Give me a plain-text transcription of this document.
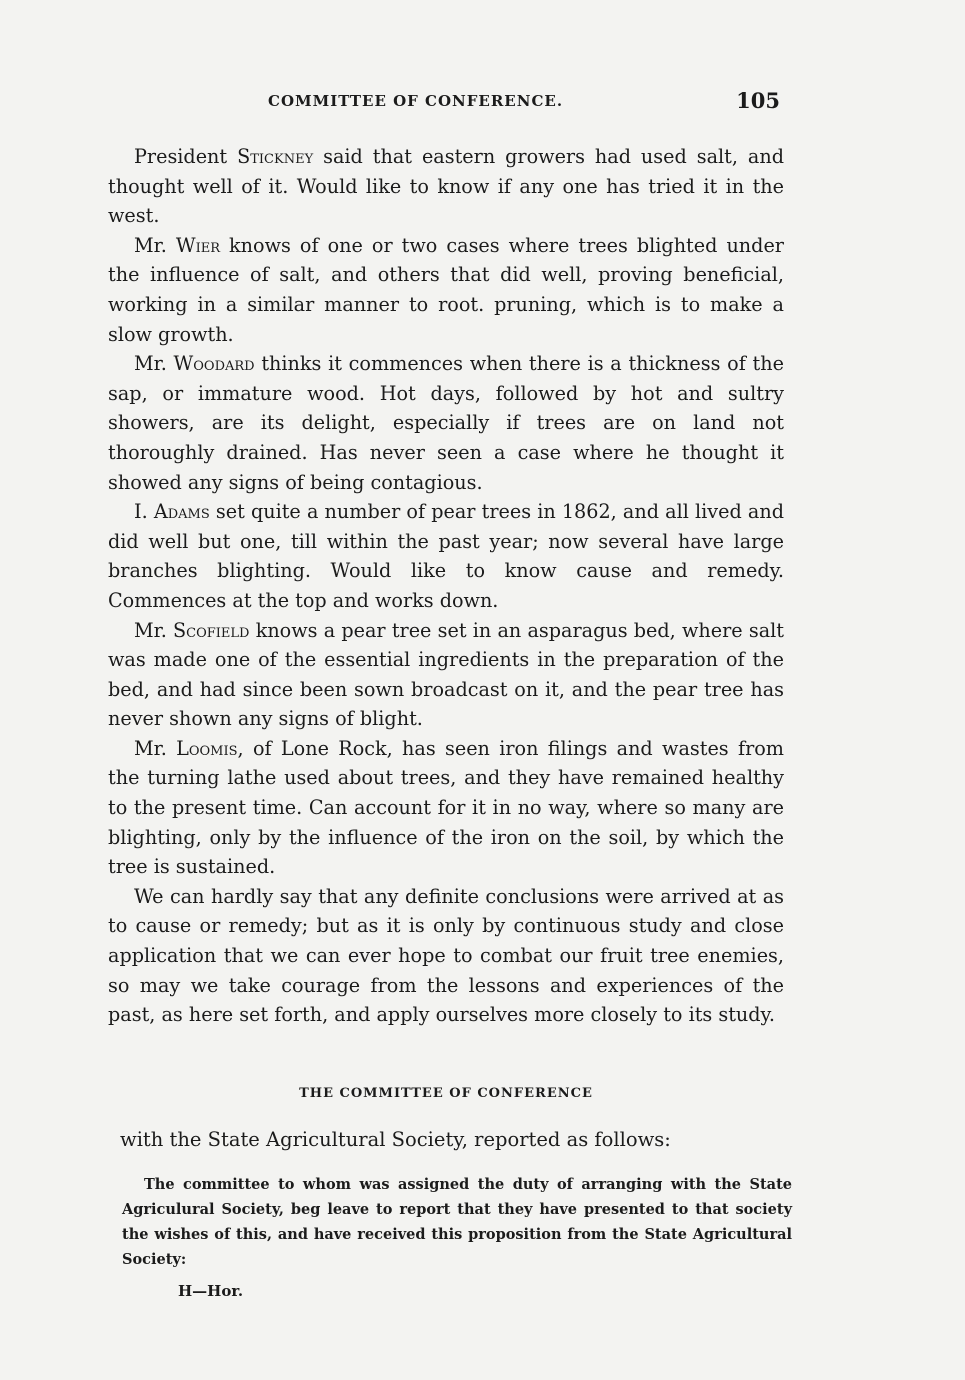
COMMITTEE OF CONFERENCE.	105

President Stickney said that eastern growers had used salt, and thought well of it. Would like to know if any one has tried it in the west.

Mr. Wier knows of one or two cases where trees blighted under the influence of salt, and others that did well, proving beneficial, working in a similar manner to root. pruning, which is to make a slow growth.

Mr. Woodard thinks it commences when there is a thickness of the sap, or immature wood. Hot days, followed by hot and sultry showers, are its delight, especially if trees are on land not thoroughly drained. Has never seen a case where he thought it showed any signs of being contagious.

I. Adams set quite a number of pear trees in 1862, and all lived and did well but one, till within the past year; now several have large branches blighting. Would like to know cause and remedy. Commences at the top and works down.

Mr. Scofield knows a pear tree set in an asparagus bed, where salt was made one of the essential ingredients in the preparation of the bed, and had since been sown broadcast on it, and the pear tree has never shown any signs of blight.

Mr. Loomis, of Lone Rock, has seen iron filings and wastes from the turning lathe used about trees, and they have remained healthy to the present time. Can account for it in no way, where so many are blighting, only by the influence of the iron on the soil, by which the tree is sustained.

We can hardly say that any definite conclusions were arrived at as to cause or remedy; but as it is only by continuous study and close application that we can ever hope to combat our fruit tree enemies, so may we take courage from the lessons and experiences of the past, as here set forth, and apply ourselves more closely to its study.

THE COMMITTEE OF CONFERENCE
with the State Agricultural Society, reported as follows:

The committee to whom was assigned the duty of arranging with the State Agriculural Society, beg leave to report that they have presented to that society the wishes of this, and have received this proposition from the State Agricultural Society:

H—Hor.
